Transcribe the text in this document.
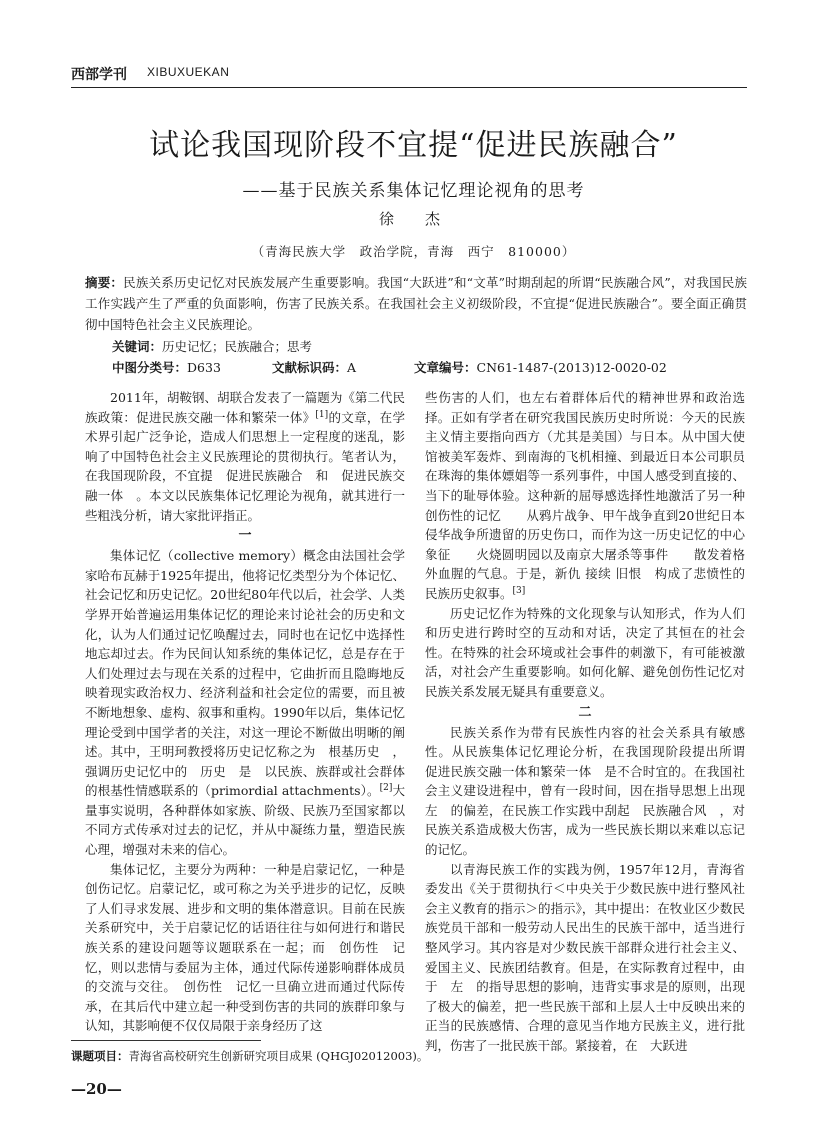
西部学刊 XIBUXUEKAN
试论我国现阶段不宜提“促进民族融合”
——基于民族关系集体记忆理论视角的思考
徐　杰
（青海民族大学　政治学院，青海　西宁　810000）
摘要：民族关系历史记忆对民族发展产生重要影响。我国“大跃进”和“文革”时期刮起的所谓“民族融合风”，对我国民族工作实践产生了严重的负面影响，伤害了民族关系。在我国社会主义初级阶段，不宜提“促进民族融合”。要全面正确贯彻中国特色社会主义民族理论。
关键词：历史记忆；民族融合；思考
中图分类号：D633	文献标识码：A	文章编号：CN61-1487-(2013)12-0020-02

2011年，胡鞍钢、胡联合发表了一篇题为《第二代民族政策：促进民族交融一体和繁荣一体》[1]的文章，在学术界引起广泛争论，造成人们思想上一定程度的迷乱，影响了中国特色社会主义民族理论的贯彻执行。笔者认为，在我国现阶段，不宜提　促进民族融合　和　促进民族交融一体　。本文以民族集体记忆理论为视角，就其进行一些粗浅分析，请大家批评指正。

一

集体记忆（collective memory）概念由法国社会学家哈布瓦赫于1925年提出，他将记忆类型分为个体记忆、社会记忆和历史记忆。20世纪80年代以后，社会学、人类学界开始普遍运用集体记忆的理论来讨论社会的历史和文化，认为人们通过记忆唤醒过去，同时也在记忆中选择性地忘却过去。作为民间认知系统的集体记忆，总是存在于人们处理过去与现在关系的过程中，它曲折而且隐晦地反映着现实政治权力、经济利益和社会定位的需要，而且被不断地想象、虚构、叙事和重构。1990年以后，集体记忆理论受到中国学者的关注，对这一理论不断做出明晰的阐述。其中，王明珂教授将历史记忆称之为　根基历史　，强调历史记忆中的　历史　是　以民族、族群或社会群体的根基性情感联系的（primordial attachments）。[2]大量事实说明，各种群体如家族、阶级、民族乃至国家都以不同方式传承对过去的记忆，并从中凝练力量，塑造民族心理，增强对未来的信心。

集体记忆，主要分为两种：一种是启蒙记忆，一种是创伤记忆。启蒙记忆，或可称之为关乎进步的记忆，反映了人们寻求发展、进步和文明的集体潜意识。目前在民族关系研究中，关于启蒙记忆的话语往往与如何进行和谐民族关系的建设问题等议题联系在一起；而　创伤性　记忆，则以悲情与委屈为主体，通过代际传递影响群体成员的交流与交往。　创伤性　记忆一旦确立进而通过代际传承，在其后代中建立起一种受到伤害的共同的族群印象与认知，其影响便不仅仅局限于亲身经历了这

些伤害的人们，也左右着群体后代的精神世界和政治选择。正如有学者在研究我国民族历史时所说：今天的民族主义情主要指向西方（尤其是美国）与日本。从中国大使馆被美军轰炸、到南海的飞机相撞、到最近日本公司职员在珠海的集体嫖娼等一系列事件，中国人感受到直接的、当下的耻辱体验。这种新的屈辱感选择性地激活了另一种创伤性的记忆　　从鸦片战争、甲午战争直到20世纪日本侵华战争所遗留的历史伤口，而作为这一历史记忆的中心象征　　火烧圆明园以及南京大屠杀等事件　　散发着格外血腥的气息。于是，新仇 接续 旧恨　构成了悲愤性的民族历史叙事。[3]

历史记忆作为特殊的文化现象与认知形式，作为人们和历史进行跨时空的互动和对话，决定了其恒在的社会性。在特殊的社会环境或社会事件的刺激下，有可能被激活，对社会产生重要影响。如何化解、避免创伤性记忆对民族关系发展无疑具有重要意义。

二

民族关系作为带有民族性内容的社会关系具有敏感性。从民族集体记忆理论分析，在我国现阶段提出所谓　促进民族交融一体和繁荣一体　是不合时宜的。在我国社会主义建设进程中，曾有一段时间，因在指导思想上出现　左　的偏差，在民族工作实践中刮起　民族融合风　，对民族关系造成极大伤害，成为一些民族长期以来难以忘记的记忆。

以青海民族工作的实践为例，1957年12月，青海省委发出《关于贯彻执行＜中央关于少数民族中进行整风社会主义教育的指示＞的指示》，其中提出：在牧业区少数民族党员干部和一般劳动人民出生的民族干部中，适当进行整风学习。其内容是对少数民族干部群众进行社会主义、爱国主义、民族团结教育。但是，在实际教育过程中，由于　左　的指导思想的影响，违背实事求是的原则，出现了极大的偏差，把一些民族干部和上层人士中反映出来的正当的民族感情、合理的意见当作地方民族主义，进行批判，伤害了一批民族干部。紧接着，在　大跃进

课题项目：青海省高校研究生创新研究项目成果 (QHGJ02012003)。
—20—
